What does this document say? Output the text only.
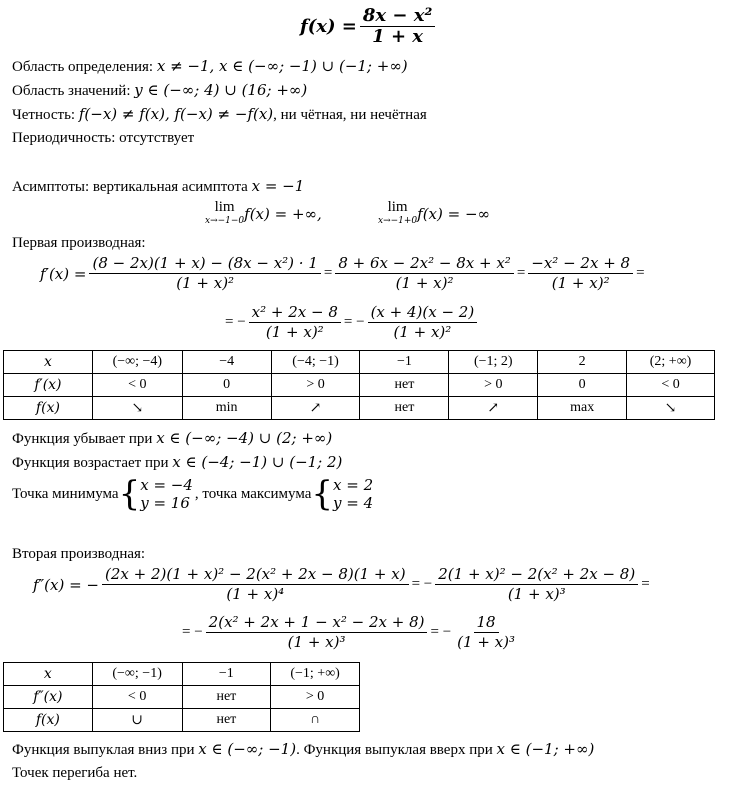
$f(x) = \frac{\text{8x − x²}}{1 + x}$
Область определения: x ≠ −1, x ∈ (−∞; −1) ∪ (−1; +∞)
Область значений: y ∈ (−∞; 4) ∪ (16; +∞)
Четность: f(−x) ≠ f(x), f(−x) ≠ −f(x), ни чётная, ни нечётная
Периодичность: отсутствует
Асимптоты: вертикальная асимптота x = −1
lim
x→−1−0 f(x) = +∞,	lim
x→−1+0 f(x) = −∞
Первая производная:
$f'(x) = \frac{\text{(8 − 2x)(1 + x) − (8x − x²) · 1}}{\text{(1 + x)²}} = \frac{\text{8 + 6x − 2x² − 8x + x²}}{\text{(1 + x)²}} = \frac{\text{−x² − 2x + 8}}{\text{(1 + x)²}}$ =
= − $\frac{\text{x² + 2x − 8}}{\text{(1 + x)²}}$ = − $\frac{(x + 4)(x - 2)}{\text{(1 + x)²}}$
x	(−∞; −4)	−4	(−4; −1)	−1	(−1; 2)	2	(2; +∞)
f′(x)	< 0	0	> 0	нет	> 0	0	< 0
f(x)	↘	min	↗	нет	↗	max	↘
Функция убывает при x ∈ (−∞; −4) ∪ (2; +∞)
Функция возрастает при x ∈ (−4; −1) ∪ (−1; 2)
Точка минимума { x = −4
y = 16
, точка максимума { x = 2
y = 4
Вторая производная:
f″(x) = − $\frac{\text{(2x + 2)(1 + x)² − 2(x² + 2x − 8)(1 + x)}}{\text{(1 + x)⁴}}$ = − $\frac{\text{2(1 + x)² − 2(x² + 2x − 8)}}{\text{(1 + x)³}}$ =
= − $\frac{\text{2(x² + 2x + 1 − x² − 2x + 8)}}{\text{(1 + x)³}}$ = − $\frac{18}{\text{(1 + x)³}}$
x	(−∞; −1)	−1	(−1; +∞)
f″(x)	< 0	нет	> 0
f(x)	∪	нет	∩
Функция выпуклая вниз при x ∈ (−∞; −1). Функция выпуклая вверх при x ∈ (−1; +∞)
Точек перегиба нет.
